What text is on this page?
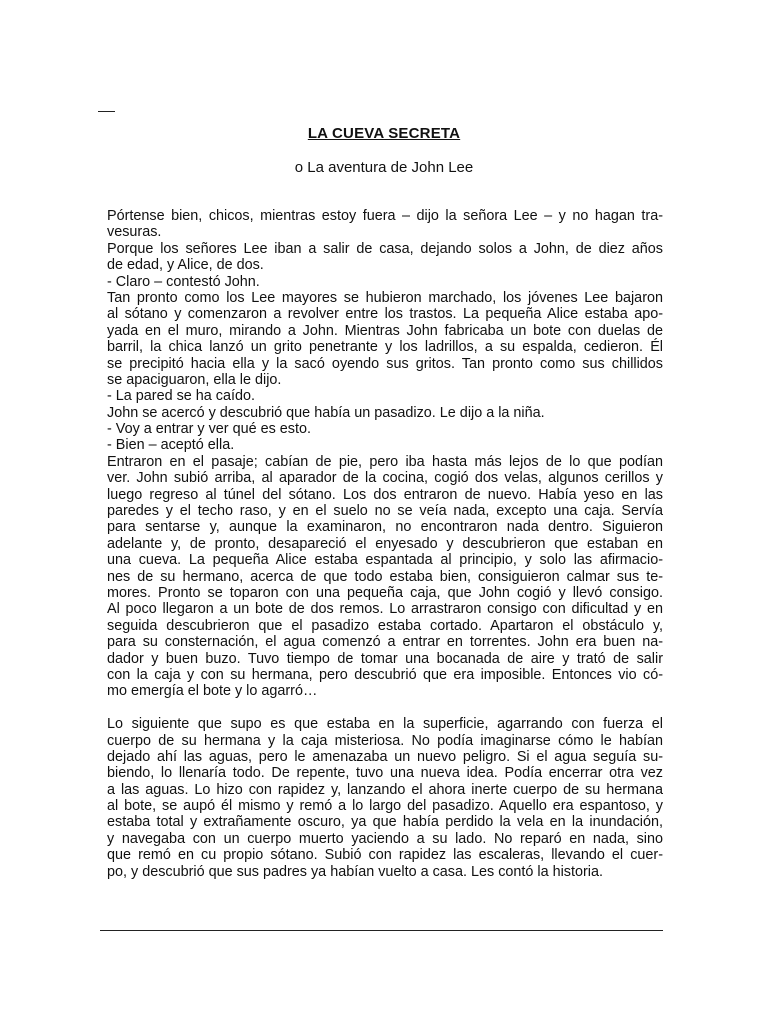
LA CUEVA SECRETA
o La aventura de John Lee
Pórtense bien, chicos, mientras estoy fuera – dijo la señora Lee – y no hagan tra-
vesuras.
Porque los señores Lee iban a salir de casa, dejando solos a John, de diez años
de edad, y Alice, de dos.
- Claro – contestó John.
Tan pronto como los Lee mayores se hubieron marchado, los jóvenes Lee bajaron
al sótano y comenzaron a revolver entre los trastos. La pequeña Alice estaba apo-
yada en el muro, mirando a John. Mientras John fabricaba un bote con duelas de
barril, la chica lanzó un grito penetrante y los ladrillos, a su espalda, cedieron. Él
se precipitó hacia ella y la sacó oyendo sus gritos. Tan pronto como sus chillidos
se apaciguaron, ella le dijo.
- La pared se ha caído.
John se acercó y descubrió que había un pasadizo. Le dijo a la niña.
- Voy a entrar y ver qué es esto.
- Bien – aceptó ella.
Entraron en el pasaje; cabían de pie, pero iba hasta más lejos de lo que podían
ver. John subió arriba, al aparador de la cocina, cogió dos velas, algunos cerillos y
luego regreso al túnel del sótano. Los dos entraron de nuevo. Había yeso en las
paredes y el techo raso, y en el suelo no se veía nada, excepto una caja. Servía
para sentarse y, aunque la examinaron, no encontraron nada dentro. Siguieron
adelante y, de pronto, desapareció el enyesado y descubrieron que estaban en
una cueva. La pequeña Alice estaba espantada al principio, y solo las afirmacio-
nes de su hermano, acerca de que todo estaba bien, consiguieron calmar sus te-
mores. Pronto se toparon con una pequeña caja, que John cogió y llevó consigo.
Al poco llegaron a un bote de dos remos. Lo arrastraron consigo con dificultad y en
seguida descubrieron que el pasadizo estaba cortado. Apartaron el obstáculo y,
para su consternación, el agua comenzó a entrar en torrentes. John era buen na-
dador y buen buzo. Tuvo tiempo de tomar una bocanada de aire y trató de salir
con la caja y con su hermana, pero descubrió que era imposible. Entonces vio có-
mo emergía el bote y lo agarró…
Lo siguiente que supo es que estaba en la superficie, agarrando con fuerza el
cuerpo de su hermana y la caja misteriosa. No podía imaginarse cómo le habían
dejado ahí las aguas, pero le amenazaba un nuevo peligro. Si el agua seguía su-
biendo, lo llenaría todo. De repente, tuvo una nueva idea. Podía encerrar otra vez
a las aguas. Lo hizo con rapidez y, lanzando el ahora inerte cuerpo de su hermana
al bote, se aupó él mismo y remó a lo largo del pasadizo. Aquello era espantoso, y
estaba total y extrañamente oscuro, ya que había perdido la vela en la inundación,
y navegaba con un cuerpo muerto yaciendo a su lado. No reparó en nada, sino
que remó en cu propio sótano. Subió con rapidez las escaleras, llevando el cuer-
po, y descubrió que sus padres ya habían vuelto a casa. Les contó la historia.
